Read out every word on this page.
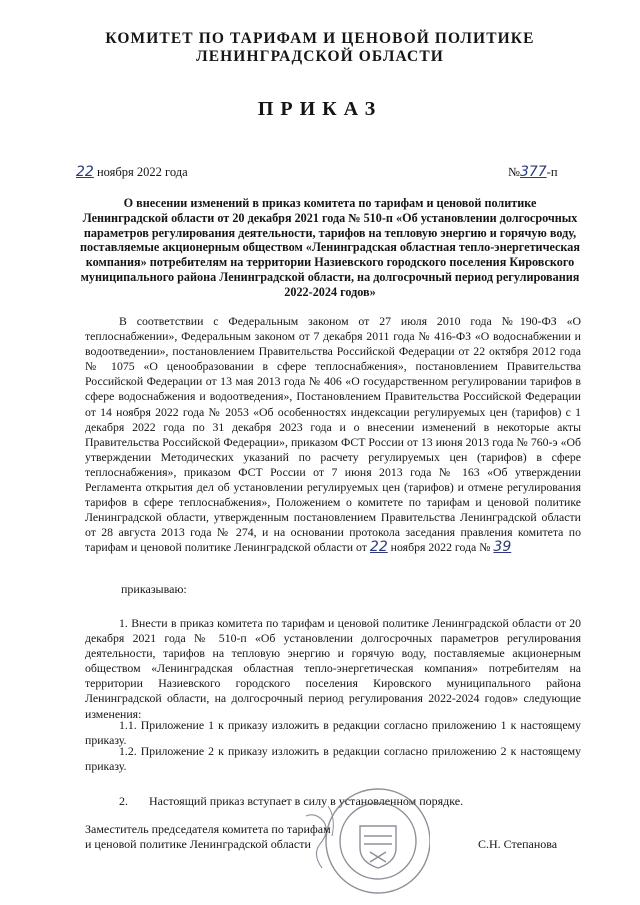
КОМИТЕТ ПО ТАРИФАМ И ЦЕНОВОЙ ПОЛИТИКЕ
ЛЕНИНГРАДСКОЙ ОБЛАСТИ
ПРИКАЗ
22 ноября 2022 года	№377-п
О внесении изменений в приказ комитета по тарифам и ценовой политике Ленинградской области от 20 декабря 2021 года № 510-п «Об установлении долгосрочных параметров регулирования деятельности, тарифов на тепловую энергию и горячую воду, поставляемые акционерным обществом «Ленинградская областная тепло-энергетическая компания» потребителям на территории Назиевского городского поселения Кировского муниципального района Ленинградской области, на долгосрочный период регулирования 2022-2024 годов»
В соответствии с Федеральным законом от 27 июля 2010 года №190-ФЗ «О теплоснабжении», Федеральным законом от 7 декабря 2011 года № 416-ФЗ «О водоснабжении и водоотведении», постановлением Правительства Российской Федерации от 22 октября 2012 года № 1075 «О ценообразовании в сфере теплоснабжения», постановлением Правительства Российской Федерации от 13 мая 2013 года № 406 «О государственном регулировании тарифов в сфере водоснабжения и водоотведения», Постановлением Правительства Российской Федерации от 14 ноября 2022 года № 2053 «Об особенностях индексации регулируемых цен (тарифов) с 1 декабря 2022 года по 31 декабря 2023 года и о внесении изменений в некоторые акты Правительства Российской Федерации», приказом ФСТ России от 13 июня 2013 года № 760-э «Об утверждении Методических указаний по расчету регулируемых цен (тарифов) в сфере теплоснабжения», приказом ФСТ России от 7 июня 2013 года № 163 «Об утверждении Регламента открытия дел об установлении регулируемых цен (тарифов) и отмене регулирования тарифов в сфере теплоснабжения», Положением о комитете по тарифам и ценовой политике Ленинградской области, утвержденным постановлением Правительства Ленинградской области от 28 августа 2013 года № 274, и на основании протокола заседания правления комитета по тарифам и ценовой политике Ленинградской области от 22 ноября 2022 года № 39
приказываю:
1. Внести в приказ комитета по тарифам и ценовой политике Ленинградской области от 20 декабря 2021 года № 510-п «Об установлении долгосрочных параметров регулирования деятельности, тарифов на тепловую энергию и горячую воду, поставляемые акционерным обществом «Ленинградская областная тепло-энергетическая компания» потребителям на территории Назиевского городского поселения Кировского муниципального района Ленинградской области, на долгосрочный период регулирования 2022-2024 годов» следующие изменения:
1.1. Приложение 1 к приказу изложить в редакции согласно приложению 1 к настоящему приказу.
1.2. Приложение 2 к приказу изложить в редакции согласно приложению 2 к настоящему приказу.
2.       Настоящий приказ вступает в силу в установленном порядке.
Заместитель председателя комитета по тарифам
и ценовой политике Ленинградской области	С.Н. Степанова
